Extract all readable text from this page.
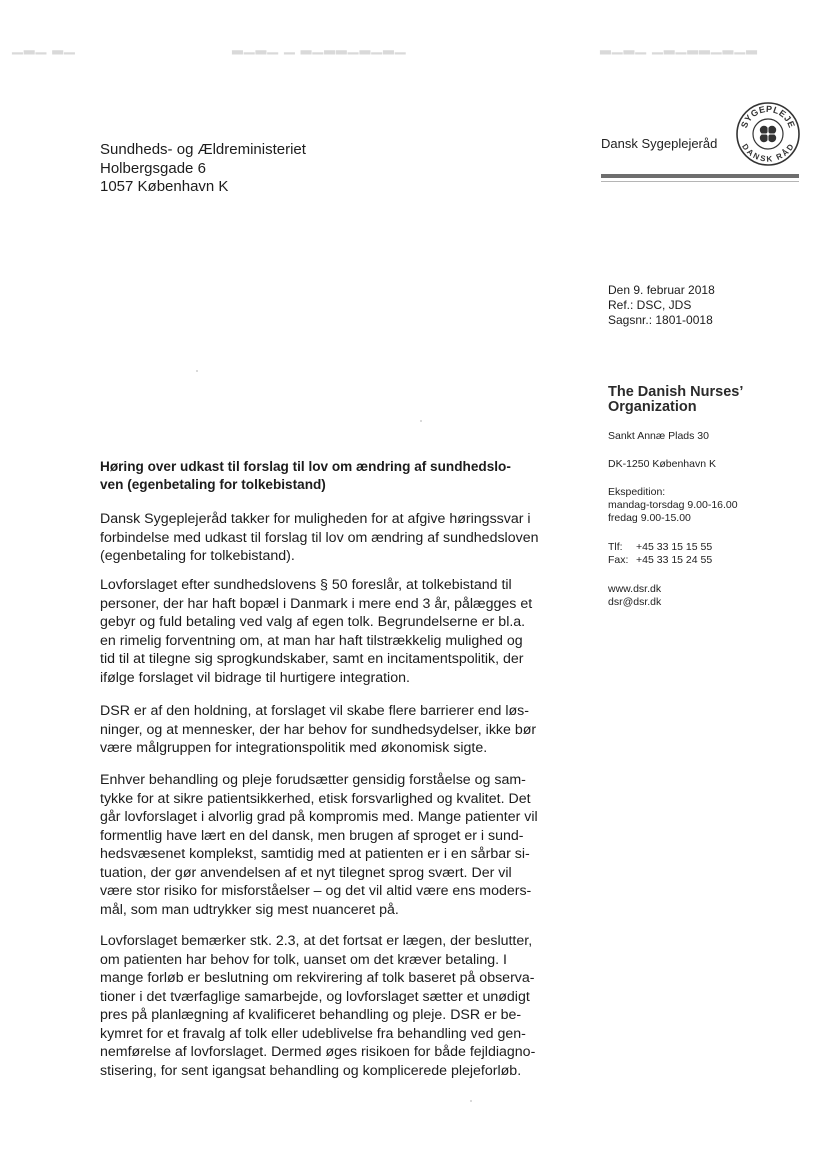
▁▂▁ ▂▁	▂▁▂▁ ▁ ▂▁▂▂▁▂▁▂▁	▂▁▂▁ ▁▂▁▂▂▁▂▁▂
Sundheds- og Ældreministeriet
Holbergsgade 6
1057 København K
Dansk Sygeplejeråd
SYGEPLEJE
DANSK RÅD
Den 9. februar 2018
Ref.: DSC, JDS
Sagsnr.: 1801-0018
The Danish Nurses’
Organization
Sankt Annæ Plads 30
DK-1250 København K
Ekspedition:
mandag-torsdag 9.00-16.00
fredag 9.00-15.00
Tlf: +45 33 15 15 55
Fax: +45 33 15 24 55
www.dsr.dk
dsr@dsr.dk
Høring over udkast til forslag til lov om ændring af sundhedslo-
ven (egenbetaling for tolkebistand)
Dansk Sygeplejeråd takker for muligheden for at afgive høringssvar i
forbindelse med udkast til forslag til lov om ændring af sundhedsloven
(egenbetaling for tolkebistand).
Lovforslaget efter sundhedslovens § 50 foreslår, at tolkebistand til
personer, der har haft bopæl i Danmark i mere end 3 år, pålægges et
gebyr og fuld betaling ved valg af egen tolk. Begrundelserne er bl.a.
en rimelig forventning om, at man har haft tilstrækkelig mulighed og
tid til at tilegne sig sprogkundskaber, samt en incitamentspolitik, der
ifølge forslaget vil bidrage til hurtigere integration.
DSR er af den holdning, at forslaget vil skabe flere barrierer end løs-
ninger, og at mennesker, der har behov for sundhedsydelser, ikke bør
være målgruppen for integrationspolitik med økonomisk sigte.
Enhver behandling og pleje forudsætter gensidig forståelse og sam-
tykke for at sikre patientsikkerhed, etisk forsvarlighed og kvalitet. Det
går lovforslaget i alvorlig grad på kompromis med. Mange patienter vil
formentlig have lært en del dansk, men brugen af sproget er i sund-
hedsvæsenet komplekst, samtidig med at patienten er i en sårbar si-
tuation, der gør anvendelsen af et nyt tilegnet sprog svært. Der vil
være stor risiko for misforståelser – og det vil altid være ens moders-
mål, som man udtrykker sig mest nuanceret på.
Lovforslaget bemærker stk. 2.3, at det fortsat er lægen, der beslutter,
om patienten har behov for tolk, uanset om det kræver betaling. I
mange forløb er beslutning om rekvirering af tolk baseret på observa-
tioner i det tværfaglige samarbejde, og lovforslaget sætter et unødigt
pres på planlægning af kvalificeret behandling og pleje. DSR er be-
kymret for et fravalg af tolk eller udeblivelse fra behandling ved gen-
nemførelse af lovforslaget. Dermed øges risikoen for både fejldiagno-
stisering, for sent igangsat behandling og komplicerede plejeforløb.
